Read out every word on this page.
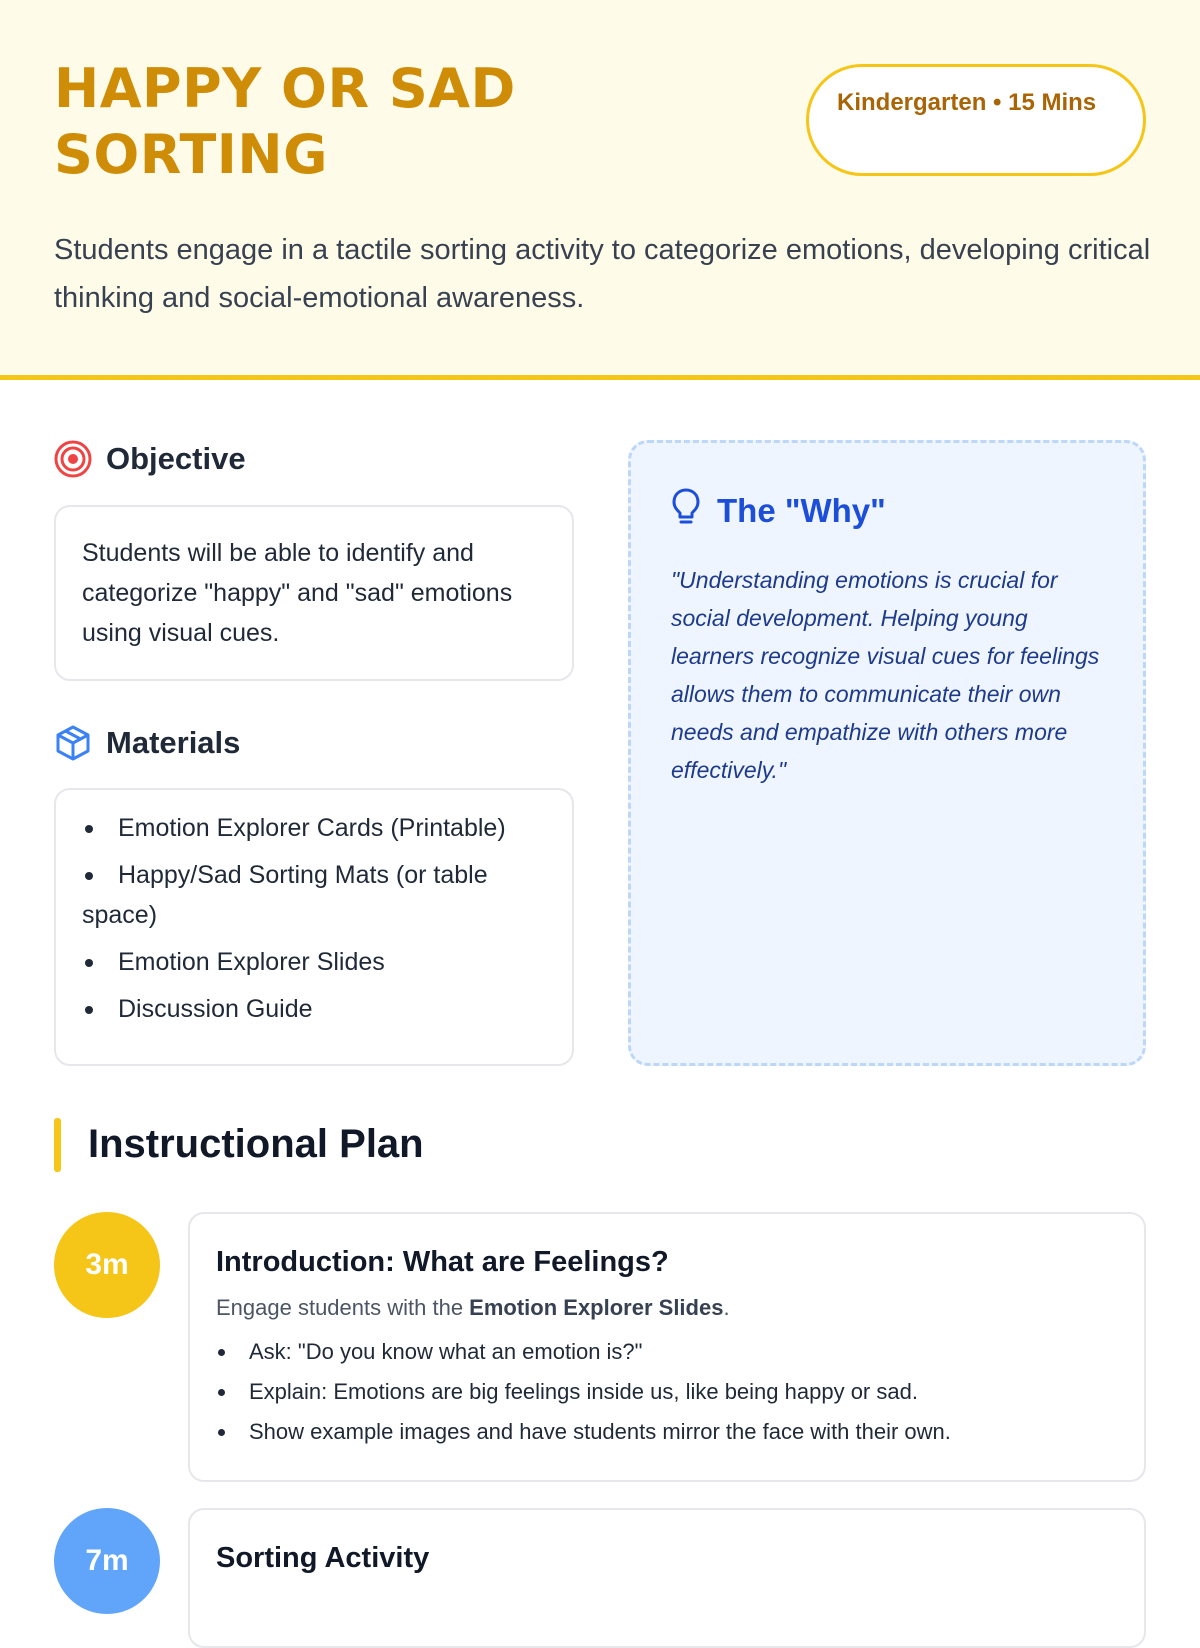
HAPPY OR SAD SORTING
Kindergarten • 15 Mins

Students engage in a tactile sorting activity to categorize emotions, developing critical thinking and social-emotional awareness.

Objective
Students will be able to identify and categorize "happy" and "sad" emotions using visual cues.
Materials
Emotion Explorer Cards (Printable)
Happy/Sad Sorting Mats (or table space)
Emotion Explorer Slides
Discussion Guide
The "Why"

"Understanding emotions is crucial for social development. Helping young learners recognize visual cues for feelings allows them to communicate their own needs and empathize with others more effectively."

Instructional Plan
3m	Introduction: What are Feelings?

Engage students with the Emotion Explorer Slides.

Ask: "Do you know what an emotion is?"
Explain: Emotions are big feelings inside us, like being happy or sad.
Show example images and have students mirror the face with their own.
7m	Sorting Activity
